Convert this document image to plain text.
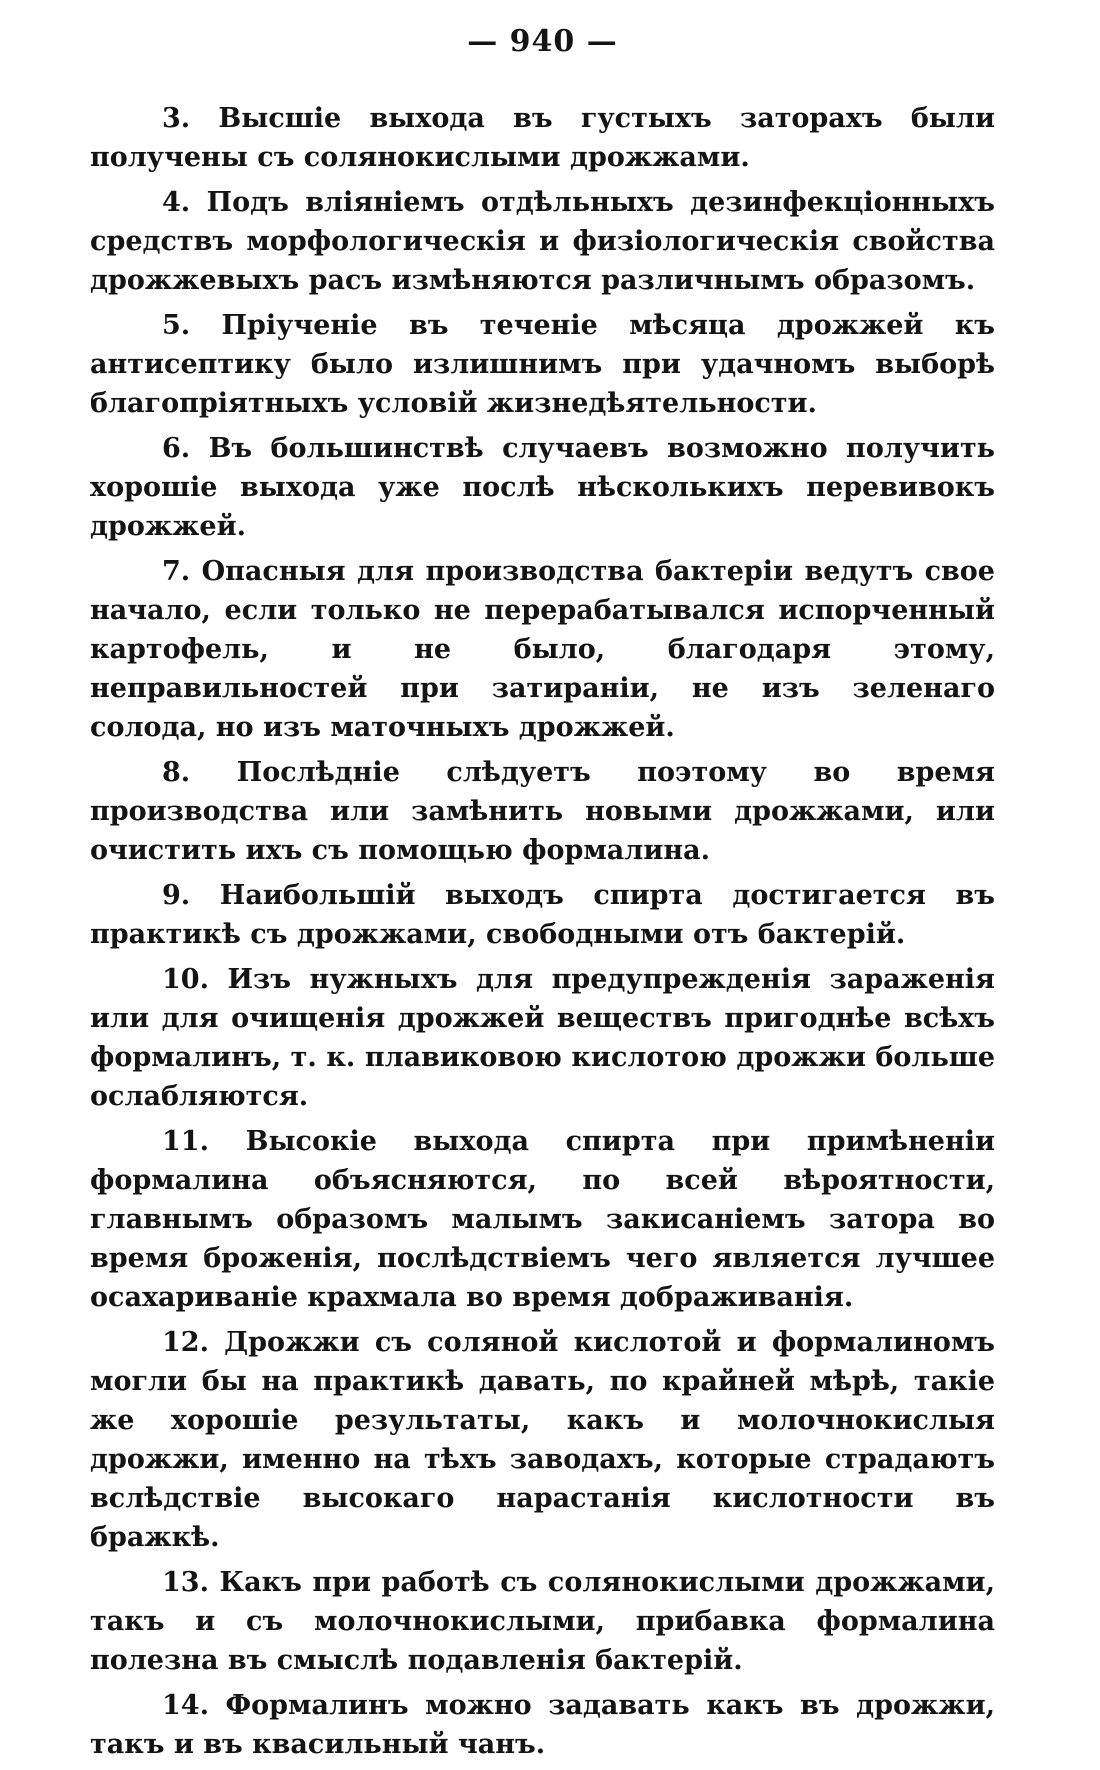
— 940 —

3. Высшіе выхода въ густыхъ заторахъ были получены съ солянокислыми дрожжами.

4. Подъ вліяніемъ отдѣльныхъ дезинфекціонныхъ средствъ морфологическія и физіологическія свойства дрожжевыхъ расъ измѣняются различнымъ образомъ.

5. Пріученіе въ теченіе мѣсяца дрожжей къ антисептику было излишнимъ при удачномъ выборѣ благопріятныхъ условій жизнедѣятельности.

6. Въ большинствѣ случаевъ возможно получить хорошіе выхода уже послѣ нѣсколькихъ перевивокъ дрожжей.

7. Опасныя для производства бактеріи ведутъ свое начало, если только не перерабатывался испорченный картофель, и не было, благодаря этому, неправильностей при затираніи, не изъ зеленаго солода, но изъ маточныхъ дрожжей.

8. Послѣдніе слѣдуетъ поэтому во время производства или замѣнить новыми дрожжами, или очистить ихъ съ помощью формалина.

9. Наибольшій выходъ спирта достигается въ практикѣ съ дрожжами, свободными отъ бактерій.

10. Изъ нужныхъ для предупрежденія зараженія или для очищенія дрожжей веществъ пригоднѣе всѣхъ формалинъ, т. к. плавиковою кислотою дрожжи больше ослабляются.

11. Высокіе выхода спирта при примѣненіи формалина объясняются, по всей вѣроятности, главнымъ образомъ малымъ закисаніемъ затора во время броженія, послѣдствіемъ чего является лучшее осахариваніе крахмала во время дображиванія.

12. Дрожжи съ соляной кислотой и формалиномъ могли бы на практикѣ давать, по крайней мѣрѣ, такіе же хорошіе результаты, какъ и молочнокислыя дрожжи, именно на тѣхъ заводахъ, которые страдаютъ вслѣдствіе высокаго нарастанія кислотности въ бражкѣ.

13. Какъ при работѣ съ солянокислыми дрожжами, такъ и съ молочнокислыми, прибавка формалина полезна въ смыслѣ подавленія бактерій.

14. Формалинъ можно задавать какъ въ дрожжи, такъ и въ квасильный чанъ.
